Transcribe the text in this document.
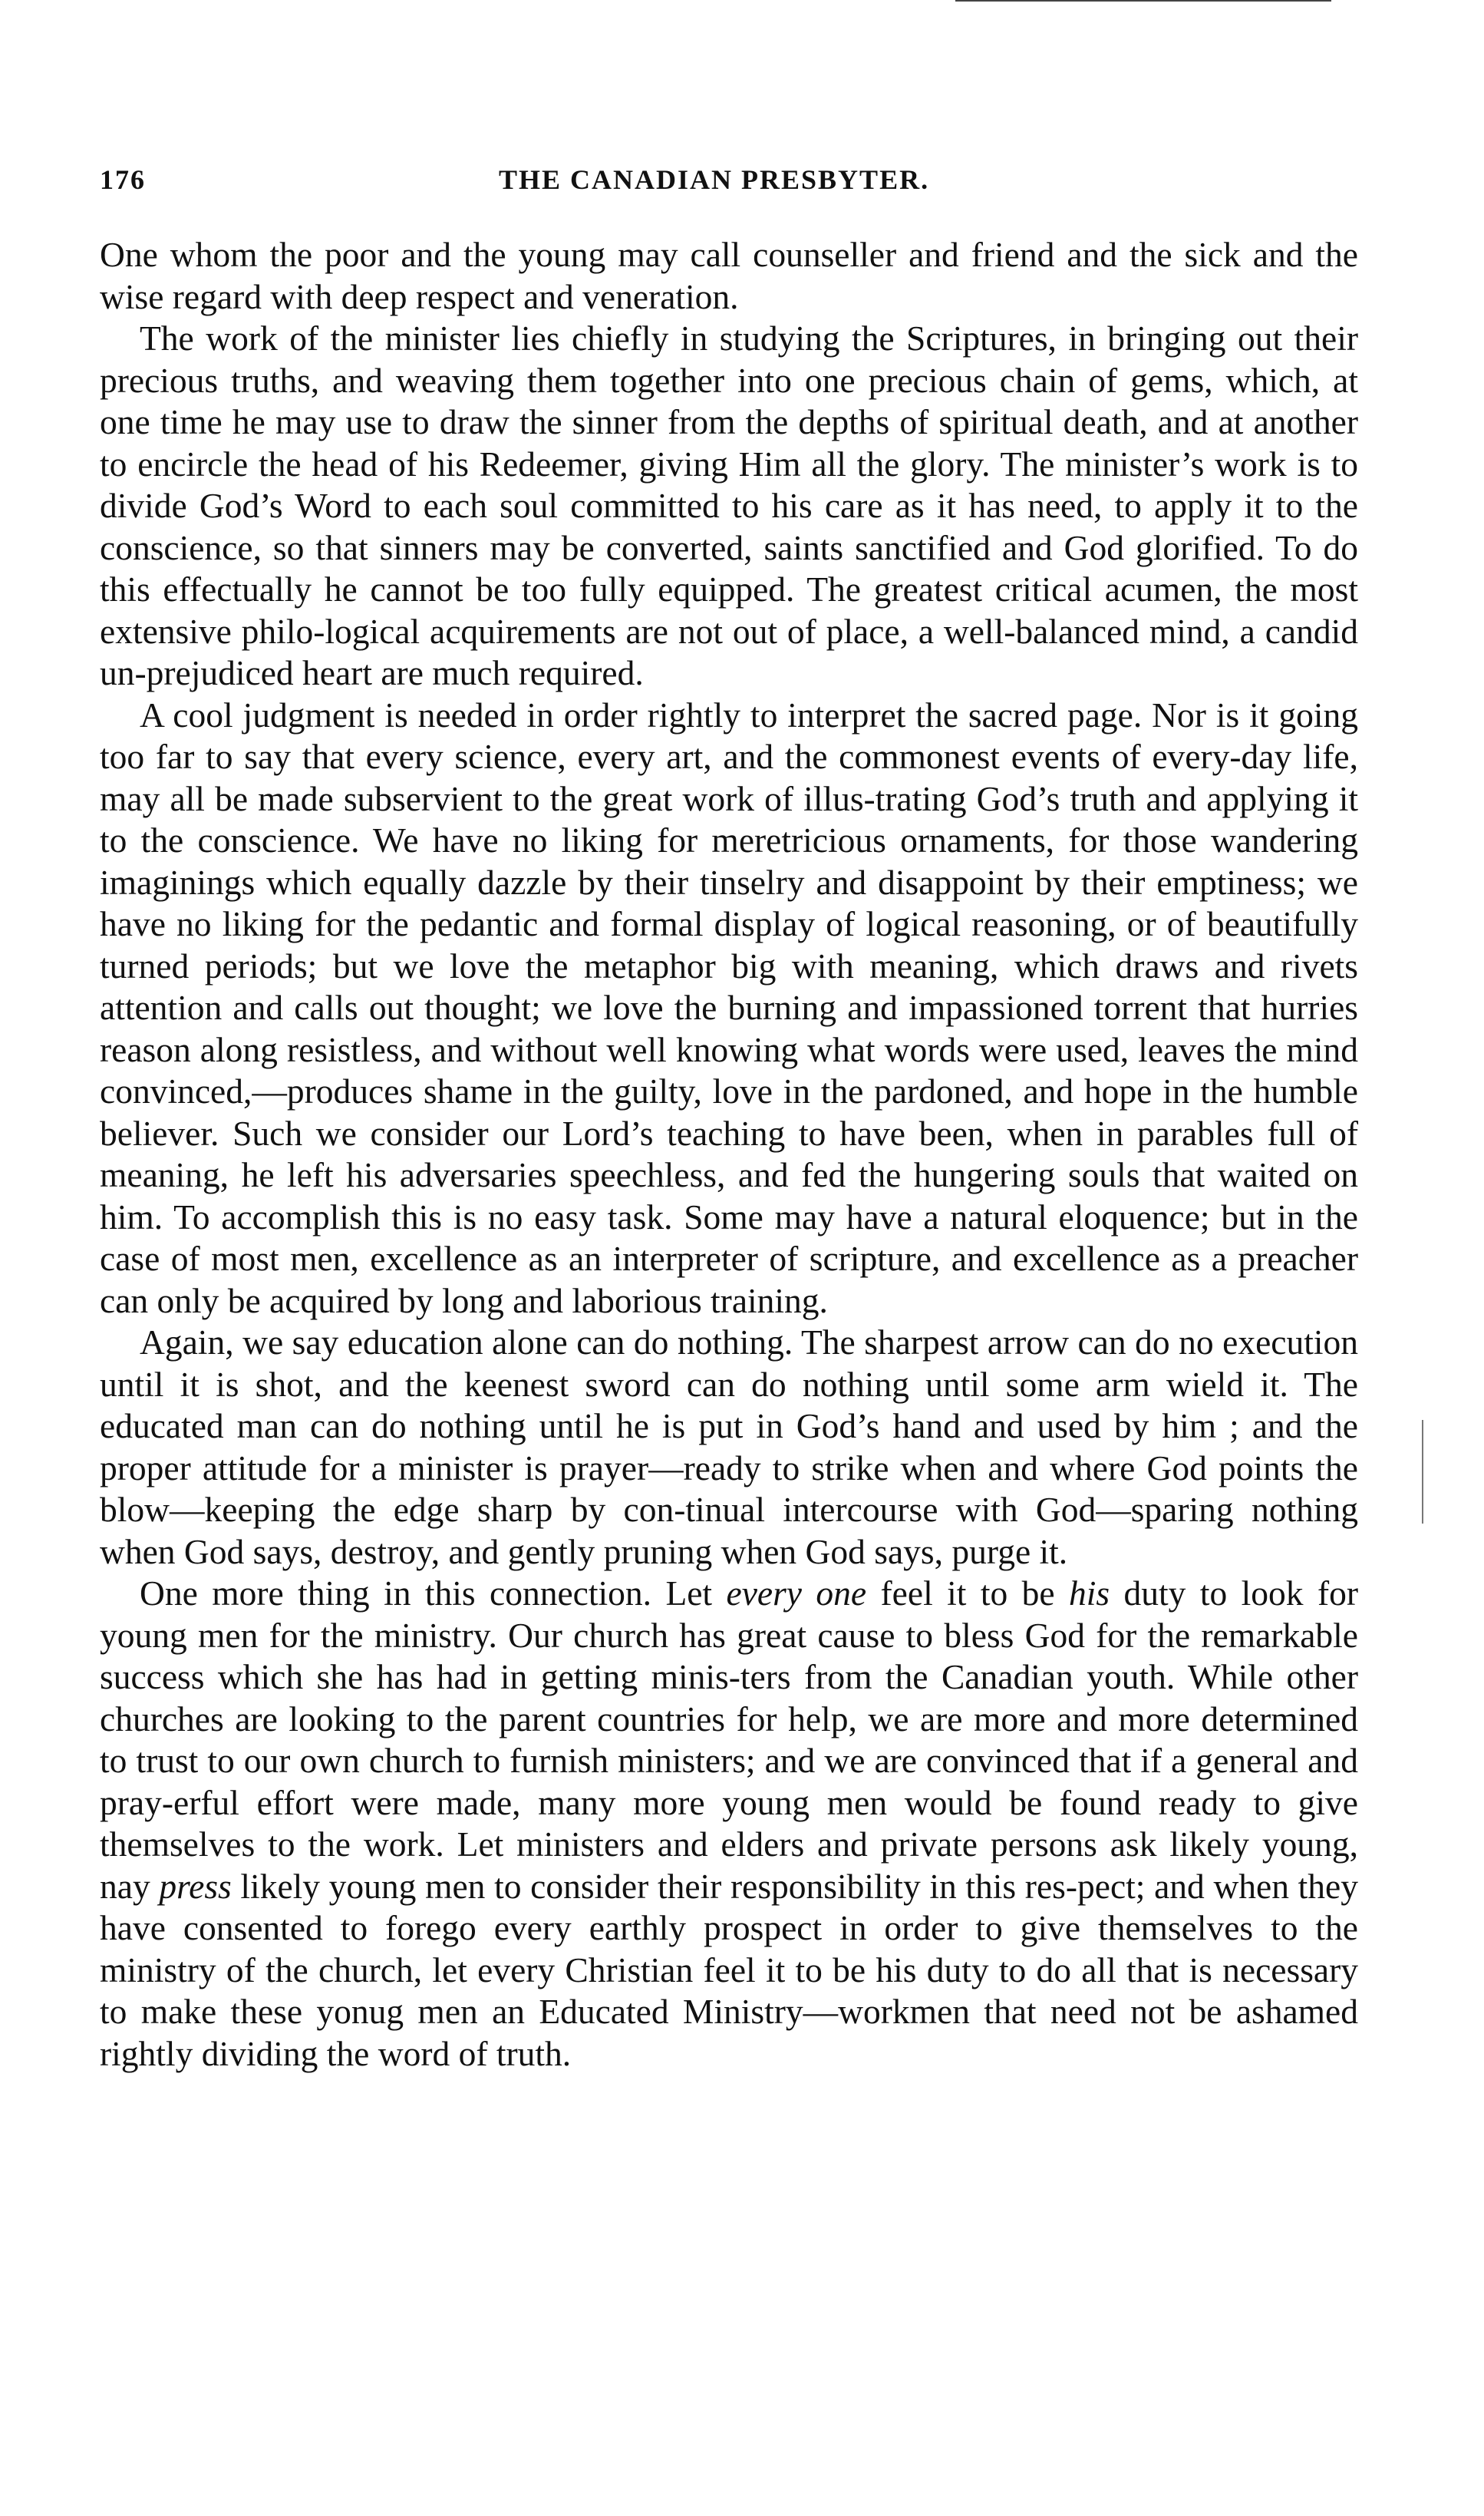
176	THE CANADIAN PRESBYTER.

One whom the poor and the young may call counseller and friend and the sick and the wise regard with deep respect and veneration.

The work of the minister lies chiefly in studying the Scriptures, in bringing out their precious truths, and weaving them together into one precious chain of gems, which, at one time he may use to draw the sinner from the depths of spiritual death, and at another to encircle the head of his Redeemer, giving Him all the glory. The minister’s work is to divide God’s Word to each soul committed to his care as it has need, to apply it to the conscience, so that sinners may be converted, saints sanctified and God glorified. To do this effectually he cannot be too fully equipped. The greatest critical acumen, the most extensive philo-logical acquirements are not out of place, a well-balanced mind, a candid un-prejudiced heart are much required.

A cool judgment is needed in order rightly to interpret the sacred page. Nor is it going too far to say that every science, every art, and the commonest events of every-day life, may all be made subservient to the great work of illus-trating God’s truth and applying it to the conscience. We have no liking for meretricious ornaments, for those wandering imaginings which equally dazzle by their tinselry and disappoint by their emptiness; we have no liking for the pedantic and formal display of logical reasoning, or of beautifully turned periods; but we love the metaphor big with meaning, which draws and rivets attention and calls out thought; we love the burning and impassioned torrent that hurries reason along resistless, and without well knowing what words were used, leaves the mind convinced,—produces shame in the guilty, love in the pardoned, and hope in the humble believer. Such we consider our Lord’s teaching to have been, when in parables full of meaning, he left his adversaries speechless, and fed the hungering souls that waited on him. To accomplish this is no easy task. Some may have a natural eloquence; but in the case of most men, excellence as an interpreter of scripture, and excellence as a preacher can only be acquired by long and laborious training.

Again, we say education alone can do nothing. The sharpest arrow can do no execution until it is shot, and the keenest sword can do nothing until some arm wield it. The educated man can do nothing until he is put in God’s hand and used by him ; and the proper attitude for a minister is prayer—ready to strike when and where God points the blow—keeping the edge sharp by con-tinual intercourse with God—sparing nothing when God says, destroy, and gently pruning when God says, purge it.

One more thing in this connection. Let every one feel it to be his duty to look for young men for the ministry. Our church has great cause to bless God for the remarkable success which she has had in getting minis-ters from the Canadian youth. While other churches are looking to the parent countries for help, we are more and more determined to trust to our own church to furnish ministers; and we are convinced that if a general and pray-erful effort were made, many more young men would be found ready to give themselves to the work. Let ministers and elders and private persons ask likely young, nay press likely young men to consider their responsibility in this res-pect; and when they have consented to forego every earthly prospect in order to give themselves to the ministry of the church, let every Christian feel it to be his duty to do all that is necessary to make these yonug men an Educated Ministry—workmen that need not be ashamed rightly dividing the word of truth.
